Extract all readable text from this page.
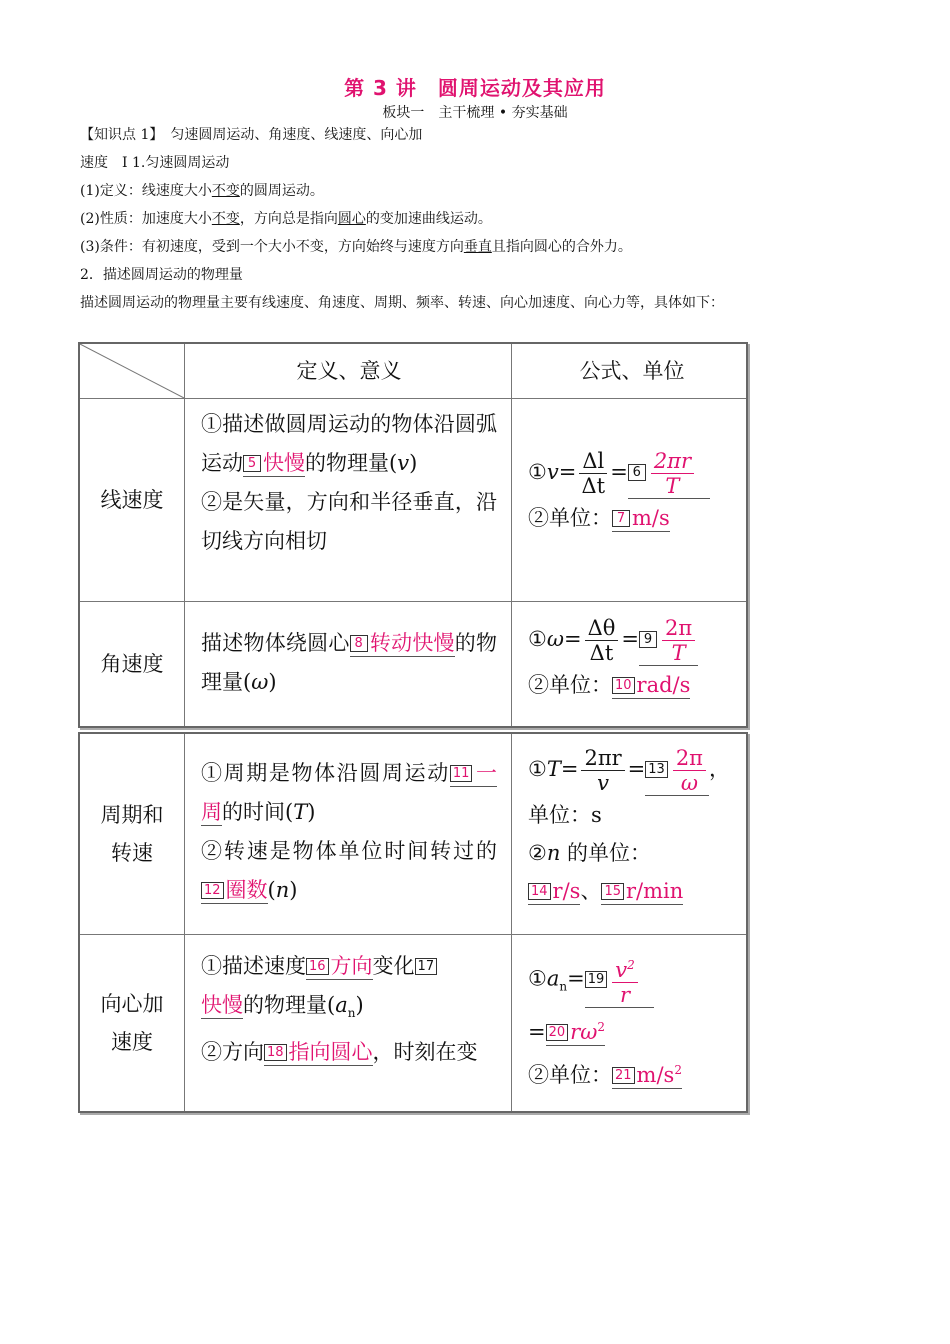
第 3 讲　圆周运动及其应用
板块一　主干梳理 • 夯实基础
【知识点 1】　匀速圆周运动、角速度、线速度、向心加
速度　Ⅰ 1.匀速圆周运动
(1)定义：线速度大小不变的圆周运动。
(2)性质：加速度大小不变，方向总是指向圆心的变加速曲线运动。
(3)条件：有初速度，受到一个大小不变，方向始终与速度方向垂直且指向圆心的合外力。
2．描述圆周运动的物理量
描述圆周运动的物理量主要有线速度、角速度、周期、频率、转速、向心加速度、向心力等，具体如下：
定义、意义	公式、单位
线速度
①描述做圆周运动的物体沿圆弧运动 5 快慢的物理量(v)
②是矢量，方向和半径垂直，沿切线方向相切
①v= $\frac{\Delta l}{\Delta t} = 6 \frac{2\pi r}{T}$

②单位： 7 m/s
角速度
描述物体绕圆心 8 转动快慢的物理量(ω)
①ω= $\frac{\Delta\theta}{\Delta t} = 9 \frac{2\pi}{T}$
②单位： 10 rad/s
周期和
转速
①周期是物体沿圆周运动 11 一周的时间(T)
②转速是物体单位时间转过的12 圈数(n)
①T= $\frac{2\pi r}{v} = 13 \frac{2\pi}{\omega}$ ，
单位：s
②n 的单位：
14 r/s、 15 r/min
向心加
速度
①描述速度 16 方向变化 17
快慢的物理量$(a_n)$
②方向 18 指向圆心，时刻在变
$①a_n= 19 \frac{v^2}{r}$

= 20 $r\omega^2$
②单位： 21 $m/s^2$
